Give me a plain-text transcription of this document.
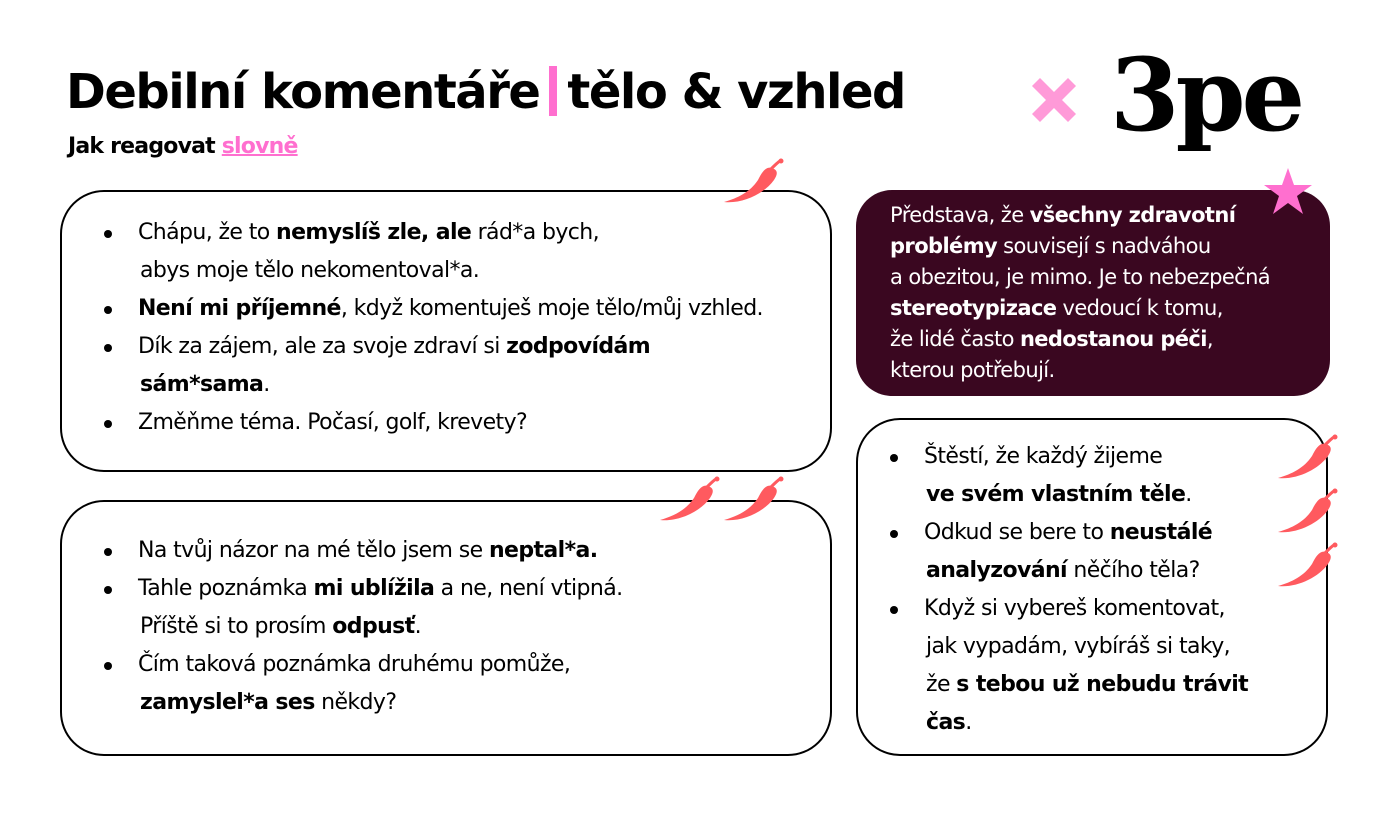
Debilní komentáře tělo & vzhled
Jak reagovat slovně	3pe
Chápu, že to nemyslíš zle, ale rád*a bych,
abys moje tělo nekomentoval*a.
Není mi příjemné, když komentuješ moje tělo/můj vzhled.
Dík za zájem, ale za svoje zdraví si zodpovídám
sám*sama.
Změňme téma. Počasí, golf, krevety?
Na tvůj názor na mé tělo jsem se neptal*a.
Tahle poznámka mi ublížila a ne, není vtipná.
Příště si to prosím odpusť.
Čím taková poznámka druhému pomůže,
zamyslel*a ses někdy?
Představa, že všechny zdravotní
problémy souvisejí s nadváhou
a obezitou, je mimo. Je to nebezpečná
stereotypizace vedoucí k tomu,
že lidé často nedostanou péči,
kterou potřebují.
Štěstí, že každý žijeme
ve svém vlastním těle.
Odkud se bere to neustálé
analyzování něčího těla?
Když si vybereš komentovat,
jak vypadám, vybíráš si taky,
že s tebou už nebudu trávit
čas.
